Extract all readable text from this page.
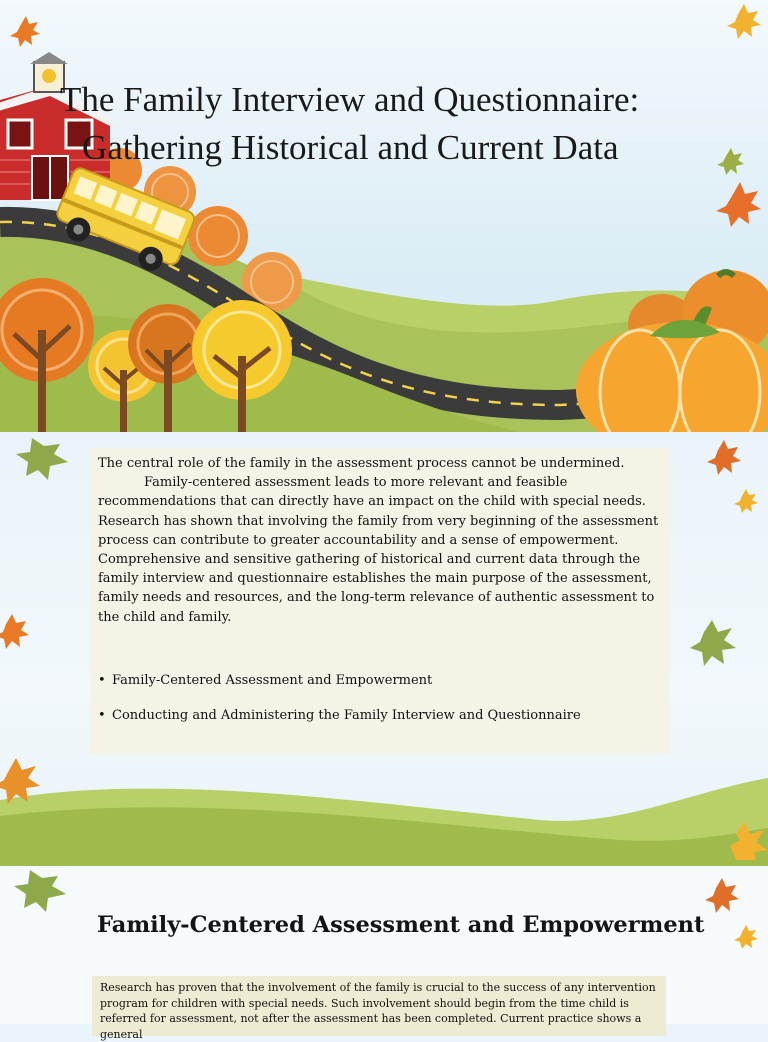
The Family Interview and Questionnaire:
Gathering Historical and Current Data

The central role of the family in the assessment process cannot be undermined.

Family-centered assessment leads to more relevant and feasible recommendations that can directly have an impact on the child with special needs. Research has shown that involving the family from very beginning of the assessment process can contribute to greater accountability and a sense of empowerment. Comprehensive and sensitive gathering of historical and current data through the family interview and questionnaire establishes the main purpose of the assessment, family needs and resources, and the long-term relevance of authentic assessment to the child and family.

• Family-Centered Assessment and Empowerment
• Conducting and Administering the Family Interview and Questionnaire
Family-Centered Assessment and Empowerment
Research has proven that the involvement of the family is crucial to the success of any intervention program for children with special needs. Such involvement should begin from the time child is referred for assessment, not after the assessment has been completed. Current practice shows a general
